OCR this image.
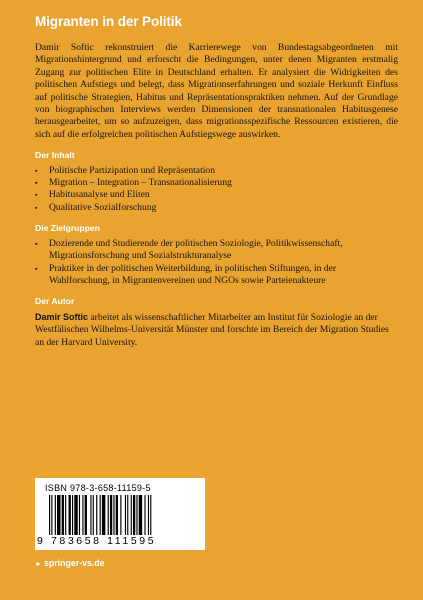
Migranten in der Politik

Damir Softic rekonstruiert die Karrierewege von Bundestagsabgeordneten mit Migrationshintergrund und erforscht die Bedingungen, unter denen Migranten erstmalig Zugang zur politischen Elite in Deutschland erhalten. Er analysiert die Widrigkeiten des politischen Aufstiegs und belegt, dass Migrationserfahrungen und soziale Herkunft Einfluss auf politische Strategien, Habitus und Repräsentationspraktiken nehmen. Auf der Grundlage von biographischen Interviews werden Dimensionen der transnationalen Habitusgenese herausgearbeitet, um so aufzuzeigen, dass migrationsspezifische Ressourcen existieren, die sich auf die erfolgreichen politischen Aufstiegswege auswirken.

Der Inhalt
▪ Politische Partizipation und Repräsentation
▪ Migration – Integration – Transnationalisierung
▪ Habitusanalyse und Eliten
▪ Qualitative Sozialforschung
Die Zielgruppen
▪ Dozierende und Studierende der politischen Soziologie, Politikwissenschaft, Migrationsforschung und Sozialstrukturanalyse
▪ Praktiker in der politischen Weiterbildung, in politischen Stiftungen, in der Wahlforschung, in Migrantenvereinen und NGOs sowie Parteienakteure
Der Autor

Damir Softic arbeitet als wissenschaftlicher Mitarbeiter am Institut für Soziologie an der Westfälischen Wilhelms-Universität Münster und forschte im Bereich der Migration Studies an der Harvard University.

ISBN 978-3-658-11159-5
9 783658 111595
► springer-vs.de
